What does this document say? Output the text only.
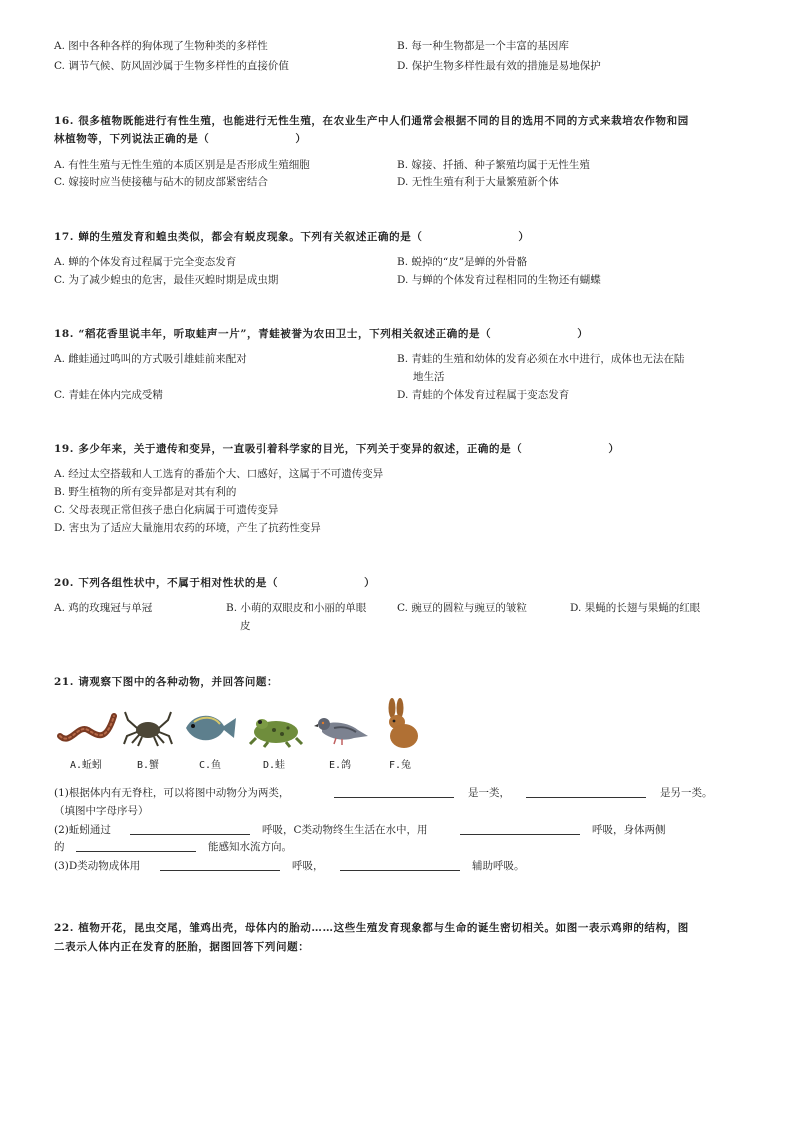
A. 图中各种各样的狗体现了生物种类的多样性	B. 每一种生物都是一个丰富的基因库
C. 调节气候、防风固沙属于生物多样性的直接价值	D. 保护生物多样性最有效的措施是易地保护
16. 很多植物既能进行有性生殖，也能进行无性生殖，在农业生产中人们通常会根据不同的目的选用不同的方式来栽培农作物和园
林植物等，下列说法正确的是（	）
A. 有性生殖与无性生殖的本质区别是是否形成生殖细胞	B. 嫁接、扦插、种子繁殖均属于无性生殖
C. 嫁接时应当使接穗与砧木的韧皮部紧密结合	D. 无性生殖有利于大量繁殖新个体
17. 蝉的生殖发育和蝗虫类似，都会有蜕皮现象。下列有关叙述正确的是（	）
A. 蝉的个体发育过程属于完全变态发育	B. 蜕掉的“皮”是蝉的外骨骼
C. 为了减少蝗虫的危害，最佳灭蝗时期是成虫期	D. 与蝉的个体发育过程相同的生物还有蝴蝶
18. “稻花香里说丰年，听取蛙声一片”，青蛙被誉为农田卫士，下列相关叙述正确的是（	）
A. 雌蛙通过鸣叫的方式吸引雄蛙前来配对	B. 青蛙的生殖和幼体的发育必须在水中进行，成体也无法在陆
地生活
C. 青蛙在体内完成受精	D. 青蛙的个体发育过程属于变态发育
19. 多少年来，关于遗传和变异，一直吸引着科学家的目光，下列关于变异的叙述，正确的是（	）
A. 经过太空搭载和人工选育的番茄个大、口感好，这属于不可遗传变异
B. 野生植物的所有变异都是对其有利的
C. 父母表现正常但孩子患白化病属于可遗传变异
D. 害虫为了适应大量施用农药的环境，产生了抗药性变异
20. 下列各组性状中，不属于相对性状的是（	）
A. 鸡的玫瑰冠与单冠	B. 小萌的双眼皮和小丽的单眼
皮
C. 豌豆的圆粒与豌豆的皱粒	D. 果蝇的长翅与果蝇的红眼
21. 请观察下图中的各种动物，并回答问题：
A.蚯蚓	B.蟹	C.鱼	D.蛙	E.鸽	F.兔
(1)根据体内有无脊柱，可以将图中动物分为两类，	是一类，	是另一类。
（填图中字母序号）
(2)蚯蚓通过	呼吸，C类动物终生生活在水中，用	呼吸，身体两侧
的	能感知水流方向。
(3)D类动物成体用	呼吸，	辅助呼吸。
22. 植物开花，昆虫交尾，雏鸡出壳，母体内的胎动……这些生殖发育现象都与生命的诞生密切相关。如图一表示鸡卵的结构，图
二表示人体内正在发育的胚胎，据图回答下列问题：
